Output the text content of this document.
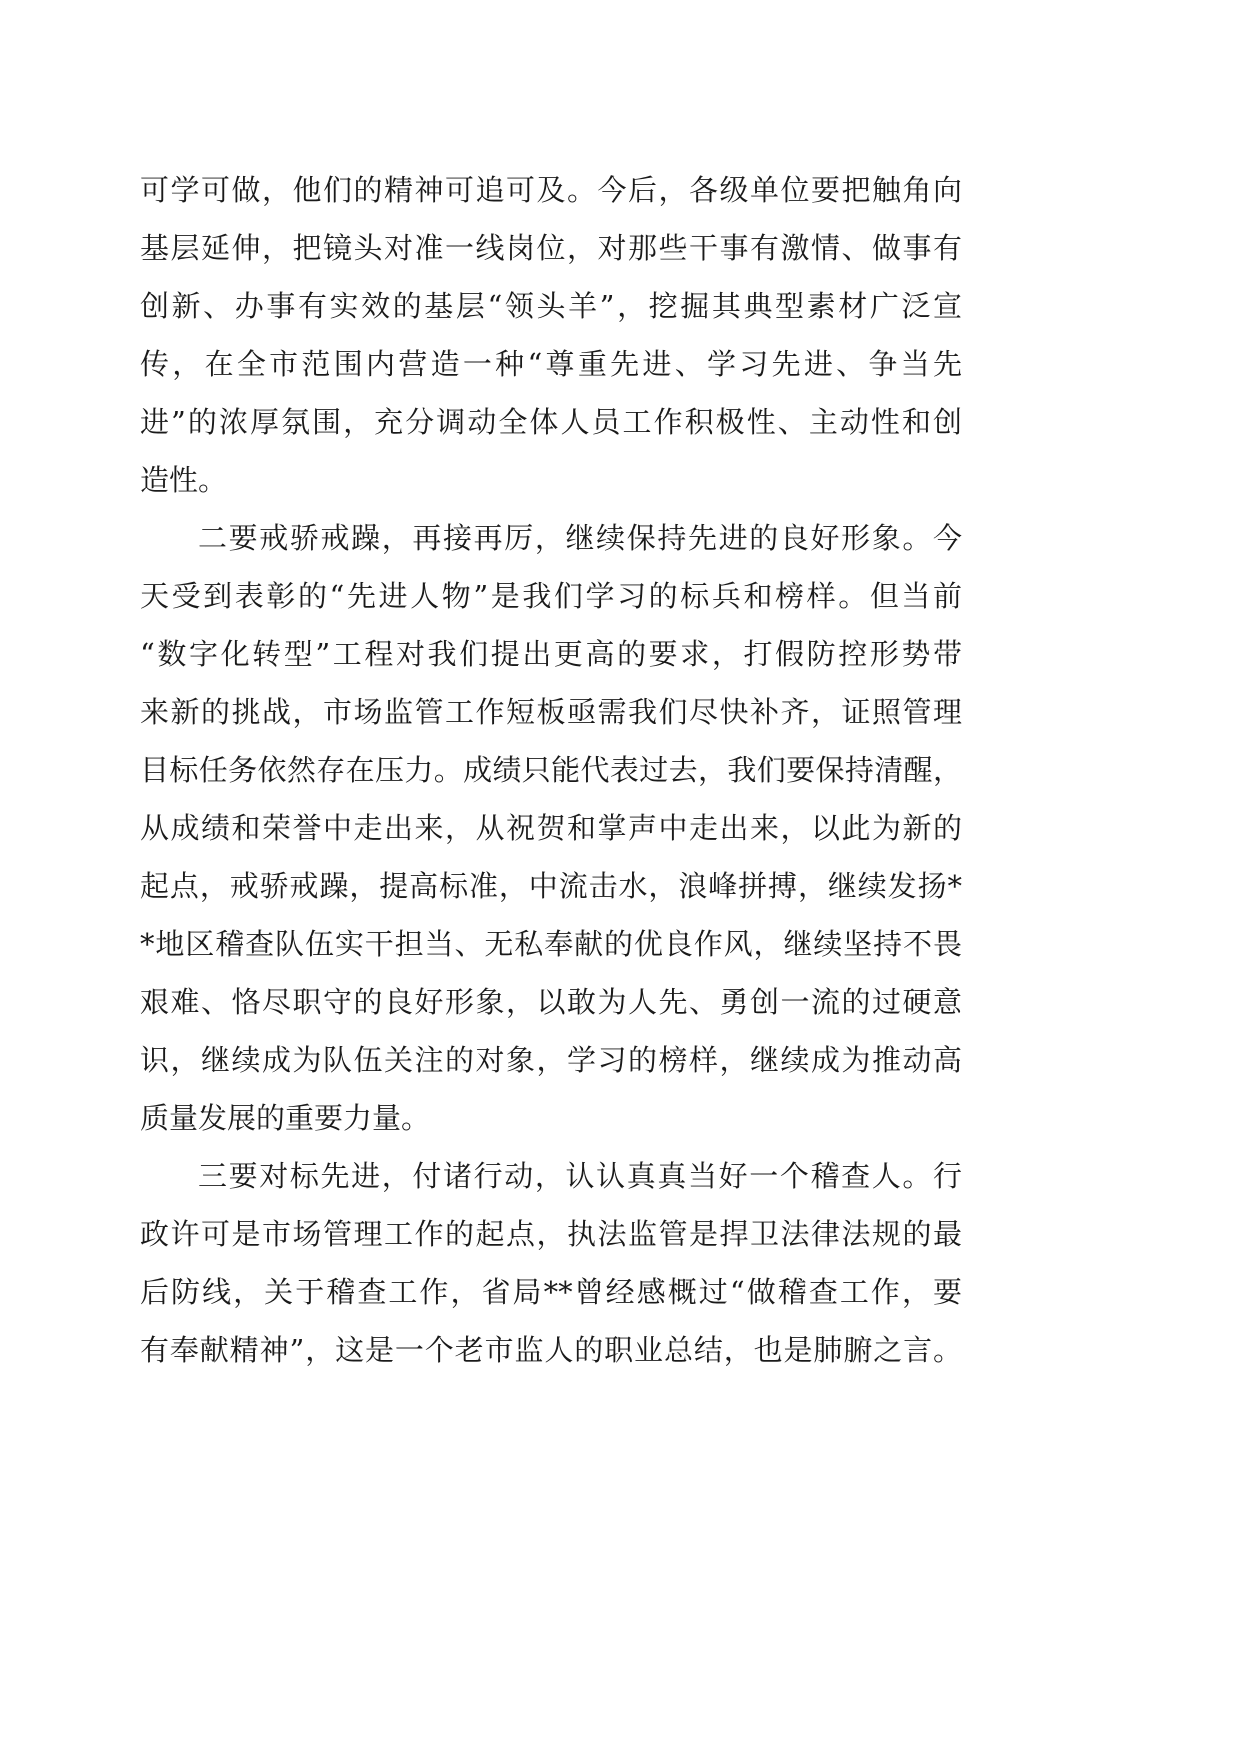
可学可做，他们的精神可追可及。今后，各级单位要把触角向
基层延伸，把镜头对准一线岗位，对那些干事有激情、做事有
创新、办事有实效的基层“领头羊”，挖掘其典型素材广泛宣
传，在全市范围内营造一种“尊重先进、学习先进、争当先
进”的浓厚氛围，充分调动全体人员工作积极性、主动性和创
造性。
二要戒骄戒躁，再接再厉，继续保持先进的良好形象。今
天受到表彰的“先进人物”是我们学习的标兵和榜样。但当前
“数字化转型”工程对我们提出更高的要求，打假防控形势带
来新的挑战，市场监管工作短板亟需我们尽快补齐，证照管理
目标任务依然存在压力。成绩只能代表过去，我们要保持清醒，
从成绩和荣誉中走出来，从祝贺和掌声中走出来，以此为新的
起点，戒骄戒躁，提高标准，中流击水，浪峰拼搏，继续发扬*
*地区稽查队伍实干担当、无私奉献的优良作风，继续坚持不畏
艰难、恪尽职守的良好形象，以敢为人先、勇创一流的过硬意
识，继续成为队伍关注的对象，学习的榜样，继续成为推动高
质量发展的重要力量。
三要对标先进，付诸行动，认认真真当好一个稽查人。行
政许可是市场管理工作的起点，执法监管是捍卫法律法规的最
后防线，关于稽查工作，省局**曾经感概过“做稽查工作，要
有奉献精神”，这是一个老市监人的职业总结，也是肺腑之言。
